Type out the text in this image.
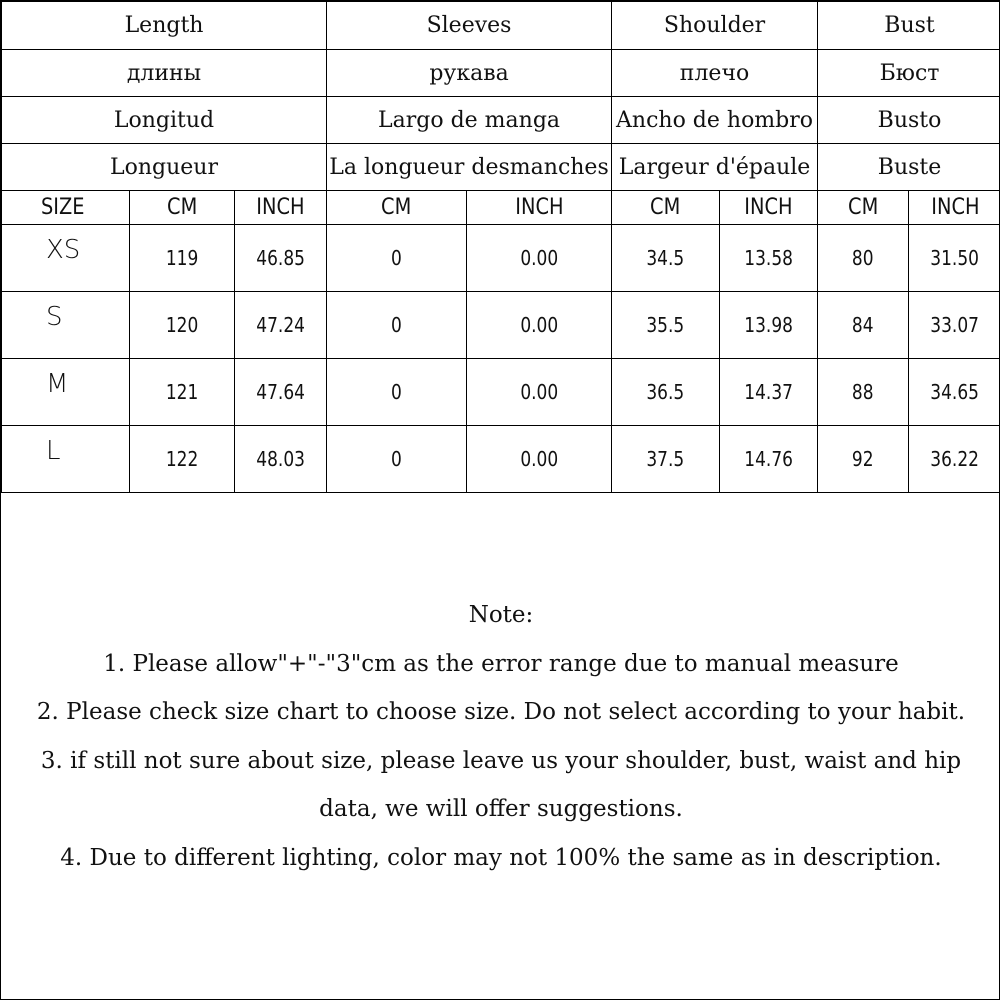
Length			Sleeves		Shoulder		Bust	
длины			рукава		плечо		Бюст	
Longitud			Largo de manga		Ancho de hombro		Busto	
Longueur			La longueur desmanches		Largeur d'épaule		Buste	
SIZE	CM	INCH	CM	INCH	CM	INCH	CM	INCH
XS	119	46.85	0	0.00	34.5	13.58	80	31.50
S	120	47.24	0	0.00	35.5	13.98	84	33.07
M	121	47.64	0	0.00	36.5	14.37	88	34.65
L	122	48.03	0	0.00	37.5	14.76	92	36.22

Note:

1. Please allow"+"-"3"cm as the error range due to manual measure

2. Please check size chart to choose size. Do not select according to your habit.

3. if still not sure about size, please leave us your shoulder, bust, waist and hip

data, we will offer suggestions.

4. Due to different lighting, color may not 100% the same as in description.
